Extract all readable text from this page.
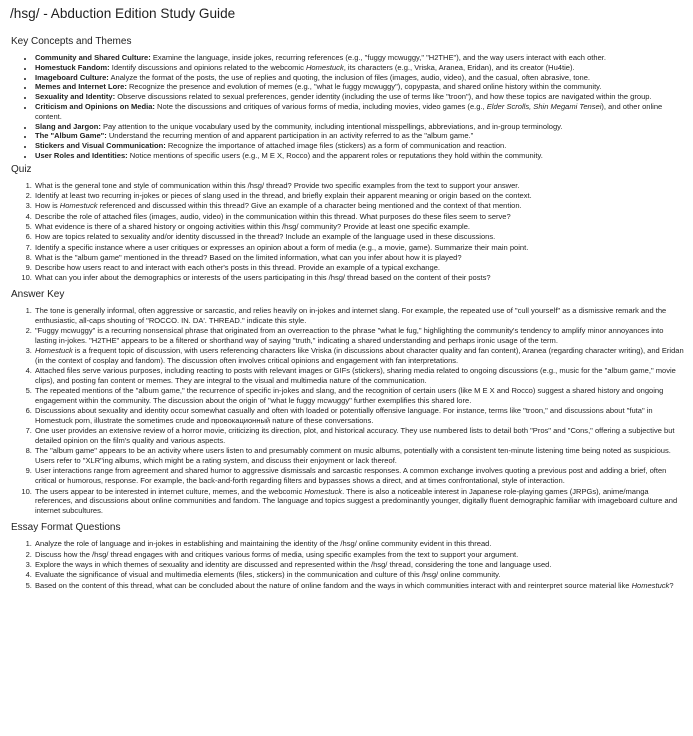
/hsg/ - Abduction Edition Study Guide
Key Concepts and Themes
• Community and Shared Culture: Examine the language, inside jokes, recurring references (e.g., "fuggy mcwuggy," "H2THE"), and the way users interact with each other.
• Homestuck Fandom: Identify discussions and opinions related to the webcomic Homestuck, its characters (e.g., Vriska, Aranea, Eridan), and its creator (Hu4tie).
• Imageboard Culture: Analyze the format of the posts, the use of replies and quoting, the inclusion of files (images, audio, video), and the casual, often abrasive, tone.
• Memes and Internet Lore: Recognize the presence and evolution of memes (e.g., "what le fuggy mcwuggy"), copypasta, and shared online history within the community.
• Sexuality and Identity: Observe discussions related to sexual preferences, gender identity (including the use of terms like "troon"), and how these topics are navigated within the group.
• Criticism and Opinions on Media: Note the discussions and critiques of various forms of media, including movies, video games (e.g., Elder Scrolls, Shin Megami Tensei), and other online content.
• Slang and Jargon: Pay attention to the unique vocabulary used by the community, including intentional misspellings, abbreviations, and in-group terminology.
• The "Album Game": Understand the recurring mention of and apparent participation in an activity referred to as the "album game."
• Stickers and Visual Communication: Recognize the importance of attached image files (stickers) as a form of communication and reaction.
• User Roles and Identities: Notice mentions of specific users (e.g., M E X, Rocco) and the apparent roles or reputations they hold within the community.
Quiz
1. What is the general tone and style of communication within this /hsg/ thread? Provide two specific examples from the text to support your answer.
2. Identify at least two recurring in-jokes or pieces of slang used in the thread, and briefly explain their apparent meaning or origin based on the context.
3. How is Homestuck referenced and discussed within this thread? Give an example of a character being mentioned and the context of that mention.
4. Describe the role of attached files (images, audio, video) in the communication within this thread. What purposes do these files seem to serve?
5. What evidence is there of a shared history or ongoing activities within this /hsg/ community? Provide at least one specific example.
6. How are topics related to sexuality and/or identity discussed in the thread? Include an example of the language used in these discussions.
7. Identify a specific instance where a user critiques or expresses an opinion about a form of media (e.g., a movie, game). Summarize their main point.
8. What is the "album game" mentioned in the thread? Based on the limited information, what can you infer about how it is played?
9. Describe how users react to and interact with each other's posts in this thread. Provide an example of a typical exchange.
10. What can you infer about the demographics or interests of the users participating in this /hsg/ thread based on the content of their posts?
Answer Key
1. The tone is generally informal, often aggressive or sarcastic, and relies heavily on in-jokes and internet slang. For example, the repeated use of "cull yourself" as a dismissive remark and the enthusiastic, all-caps shouting of "ROCCO. IN. DA'. THREAD." indicate this style.
2. "Fuggy mcwuggy" is a recurring nonsensical phrase that originated from an overreaction to the phrase "what le fug," highlighting the community's tendency to amplify minor annoyances into lasting in-jokes. "H2THE" appears to be a filtered or shorthand way of saying "truth," indicating a shared understanding and perhaps ironic usage of the term.
3. Homestuck is a frequent topic of discussion, with users referencing characters like Vriska (in discussions about character quality and fan content), Aranea (regarding character writing), and Eridan (in the context of cosplay and fandom). The discussion often involves critical opinions and engagement with fan interpretations.
4. Attached files serve various purposes, including reacting to posts with relevant images or GIFs (stickers), sharing media related to ongoing discussions (e.g., music for the "album game," movie clips), and posting fan content or memes. They are integral to the visual and multimedia nature of the communication.
5. The repeated mentions of the "album game," the recurrence of specific in-jokes and slang, and the recognition of certain users (like M E X and Rocco) suggest a shared history and ongoing engagement within the community. The discussion about the origin of "what le fuggy mcwuggy" further exemplifies this shared lore.
6. Discussions about sexuality and identity occur somewhat casually and often with loaded or potentially offensive language. For instance, terms like "troon," and discussions about "futa" in Homestuck porn, illustrate the sometimes crude and провокационный nature of these conversations.
7. One user provides an extensive review of a horror movie, criticizing its direction, plot, and historical accuracy. They use numbered lists to detail both "Pros" and "Cons," offering a subjective but detailed opinion on the film's quality and various aspects.
8. The "album game" appears to be an activity where users listen to and presumably comment on music albums, potentially with a consistent ten-minute listening time being noted as suspicious. Users refer to "XLR"ing albums, which might be a rating system, and discuss their enjoyment or lack thereof.
9. User interactions range from agreement and shared humor to aggressive dismissals and sarcastic responses. A common exchange involves quoting a previous post and adding a brief, often critical or humorous, response. For example, the back-and-forth regarding filters and bypasses shows a direct, and at times confrontational, style of interaction.
10. The users appear to be interested in internet culture, memes, and the webcomic Homestuck. There is also a noticeable interest in Japanese role-playing games (JRPGs), anime/manga references, and discussions about online communities and fandom. The language and topics suggest a predominantly younger, digitally fluent demographic familiar with imageboard culture and internet subcultures.
Essay Format Questions
1. Analyze the role of language and in-jokes in establishing and maintaining the identity of the /hsg/ online community evident in this thread.
2. Discuss how the /hsg/ thread engages with and critiques various forms of media, using specific examples from the text to support your argument.
3. Explore the ways in which themes of sexuality and identity are discussed and represented within the /hsg/ thread, considering the tone and language used.
4. Evaluate the significance of visual and multimedia elements (files, stickers) in the communication and culture of this /hsg/ online community.
5. Based on the content of this thread, what can be concluded about the nature of online fandom and the ways in which communities interact with and reinterpret source material like Homestuck?
